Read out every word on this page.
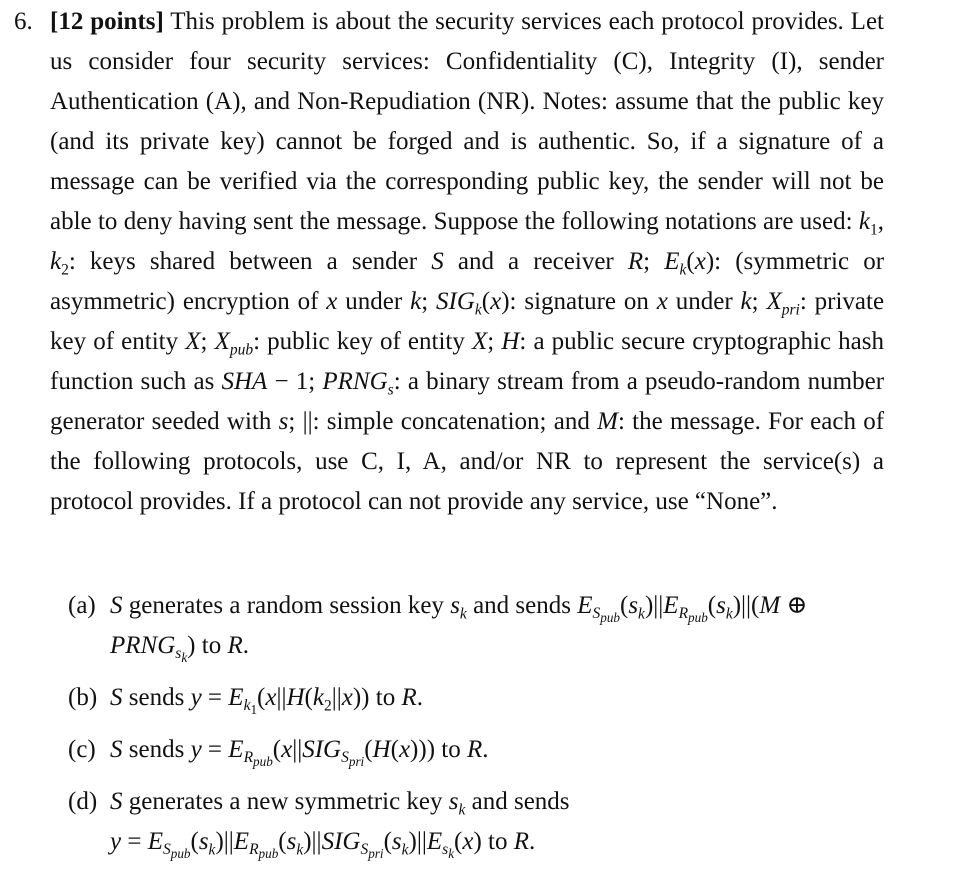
6. [12 points] This problem is about the security services each protocol provides. Let us consider four security services: Confidentiality (C), Integrity (I), sender Authentication (A), and Non-Repudiation (NR). Notes: assume that the public key (and its private key) cannot be forged and is authentic. So, if a signature of a message can be verified via the corresponding public key, the sender will not be able to deny having sent the message. Suppose the following notations are used: $k_1$, $k_2$: keys shared between a sender S and a receiver R; $E_k(x)$: (symmetric or asymmetric) encryption of x under k; $SIG_k(x)$: signature on x under k; $X_{pri}$: private key of entity X; $X_{pub}$: public key of entity X; H: a public secure cryptographic hash function such as SHA − 1; $PRNG_s$: a binary stream from a pseudo-random number generator seeded with s; ||: simple concatenation; and M: the message. For each of the following protocols, use C, I, A, and/or NR to represent the service(s) a protocol provides. If a protocol can not provide any service, use “None”.
(a) S generates a random session key $s_k$ and sends $E_{S_{pub}}(s_k)||E_{R_{pub}}(s_k)||(M$ ⊕
$PRNG_{s_k}$) to R.
(b) S sends $y = E_{k_1}(x||H(k_2||x))$ to R.
(c) S sends $y = E_{R_{pub}}(x||SIG_{S_{pri}}(H(x)))$ to R.
(d) S generates a new symmetric key $s_k$ and sends
$y = E_{S_{pub}}(s_k)||E_{R_{pub}}(s_k)||SIG_{S_{pri}}(s_k)||E_{s_k}(x)$ to R.
